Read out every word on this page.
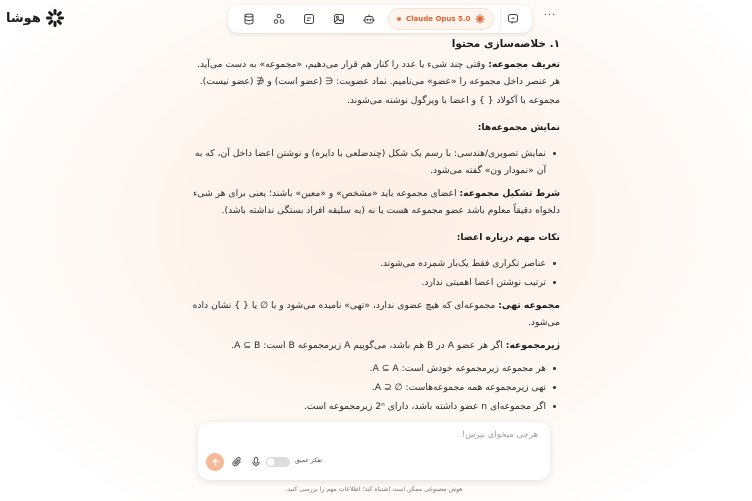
هوشا	Claude Opus 5.0	···
۱. خلاصه‌سازی محتوا
تعریف مجموعه: وقتی چند شیء یا عدد را کنار هم قرار می‌دهیم، «مجموعه» به دست می‌آید. هر عنصر داخل مجموعه را «عضو» می‌نامیم. نماد عضویت: ∈ (عضو است) و ∉ (عضو نیست).
مجموعه با آکولاد { } و اعضا با ویرگول نوشته می‌شوند.
نمایش مجموعه‌ها:
نمایش تصویری/هندسی: با رسم یک شکل (چندضلعی یا دایره) و نوشتن اعضا داخل آن، که به آن «نمودار ون» گفته می‌شود.
شرط تشکیل مجموعه: اعضای مجموعه باید «مشخص» و «معین» باشند؛ یعنی برای هر شیء دلخواه دقیقاً معلوم باشد عضو مجموعه هست یا نه (به سلیقه افراد بستگی نداشته باشد).
نکات مهم درباره اعضا:
عناصر تکراری فقط یک‌بار شمرده می‌شوند.
ترتیب نوشتن اعضا اهمیتی ندارد.
مجموعه تهی: مجموعه‌ای که هیچ عضوی ندارد، «تهی» نامیده می‌شود و با ∅ یا { } نشان داده می‌شود.
زیرمجموعه: اگر هر عضو A در B هم باشد، می‌گوییم A زیرمجموعه B است: A ⊆ B.
هر مجموعه زیرمجموعه خودش است: A ⊆ A.
تهی زیرمجموعه همه مجموعه‌هاست: ∅ ⊆ A.
اگر مجموعه‌ای n عضو داشته باشد، دارای 2ⁿ زیرمجموعه است.
هرچی میخوای بپرس!
تفکر عمیق
هوش مصنوعی ممکن است اشتباه کند؛ اطلاعات مهم را بررسی کنید.
